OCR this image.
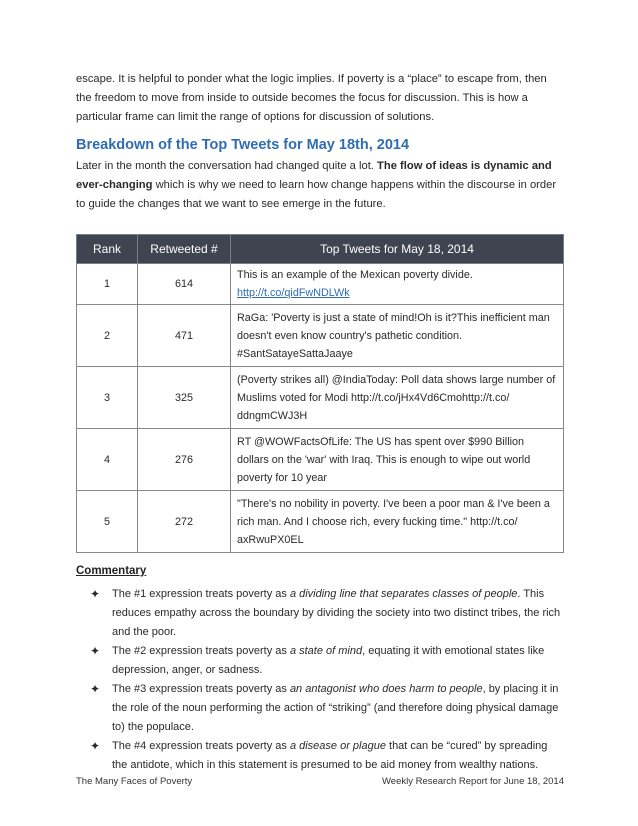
escape. It is helpful to ponder what the logic implies. If poverty is a “place” to escape from, then the freedom to move from inside to outside becomes the focus for discussion. This is how a particular frame can limit the range of options for discussion of solutions.

Breakdown of the Top Tweets for May 18th, 2014

Later in the month the conversation had changed quite a lot. The flow of ideas is dynamic and ever-changing which is why we need to learn how change happens within the discourse in order to guide the changes that we want to see emerge in the future.

Rank	Retweeted #	Top Tweets for May 18, 2014
1	614	This is an example of the Mexican poverty divide.
http://t.co/qidFwNDLWk
2	471	RaGa: 'Poverty is just a state of mind!Oh is it?This inefficient man doesn't even know country's pathetic condition. #SantSatayeSattaJaaye
3	325	(Poverty strikes all) @IndiaToday: Poll data shows large number of Muslims voted for Modi http://t.co/jHx4Vd6Cmohttp://t.co/ ddngmCWJ3H
4	276	RT @WOWFactsOfLife: The US has spent over $990 Billion dollars on the 'war' with Iraq. This is enough to wipe out world poverty for 10 year
5	272	"There's no nobility in poverty. I've been a poor man & I've been a rich man. And I choose rich, every fucking time." http://t.co/ axRwuPX0EL
Commentary
✦ The #1 expression treats poverty as a dividing line that separates classes of people. This reduces empathy across the boundary by dividing the society into two distinct tribes, the rich and the poor.
✦ The #2 expression treats poverty as a state of mind, equating it with emotional states like depression, anger, or sadness.
✦ The #3 expression treats poverty as an antagonist who does harm to people, by placing it in the role of the noun performing the action of “striking” (and therefore doing physical damage to) the populace.
✦ The #4 expression treats poverty as a disease or plague that can be “cured” by spreading the antidote, which in this statement is presumed to be aid money from wealthy nations.
The Many Faces of Poverty	Weekly Research Report for June 18, 2014
